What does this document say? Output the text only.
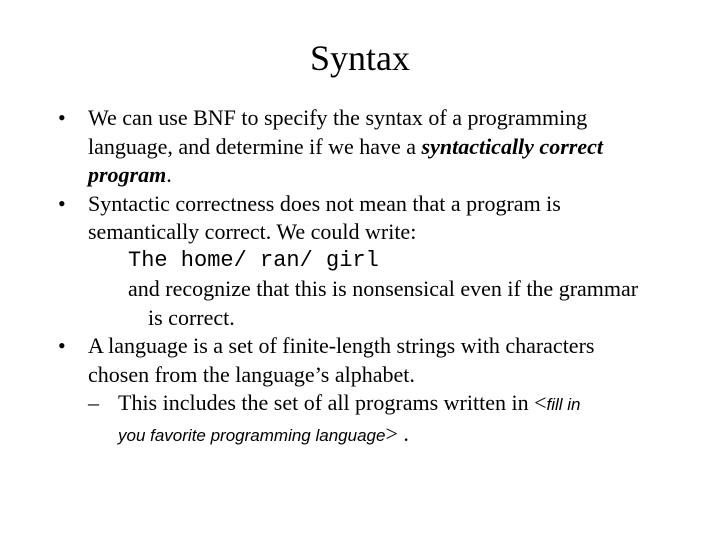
Syntax
• We can use BNF to specify the syntax of a programming
language, and determine if we have a syntactically correct
program.
• Syntactic correctness does not mean that a program is
semantically correct. We could write:
The home/ ran/ girl
and recognize that this is nonsensical even if the grammar
is correct.
• A language is a set of finite-length strings with characters
chosen from the language’s alphabet.
– This includes the set of all programs written in <fill in
you favorite programming language> .
